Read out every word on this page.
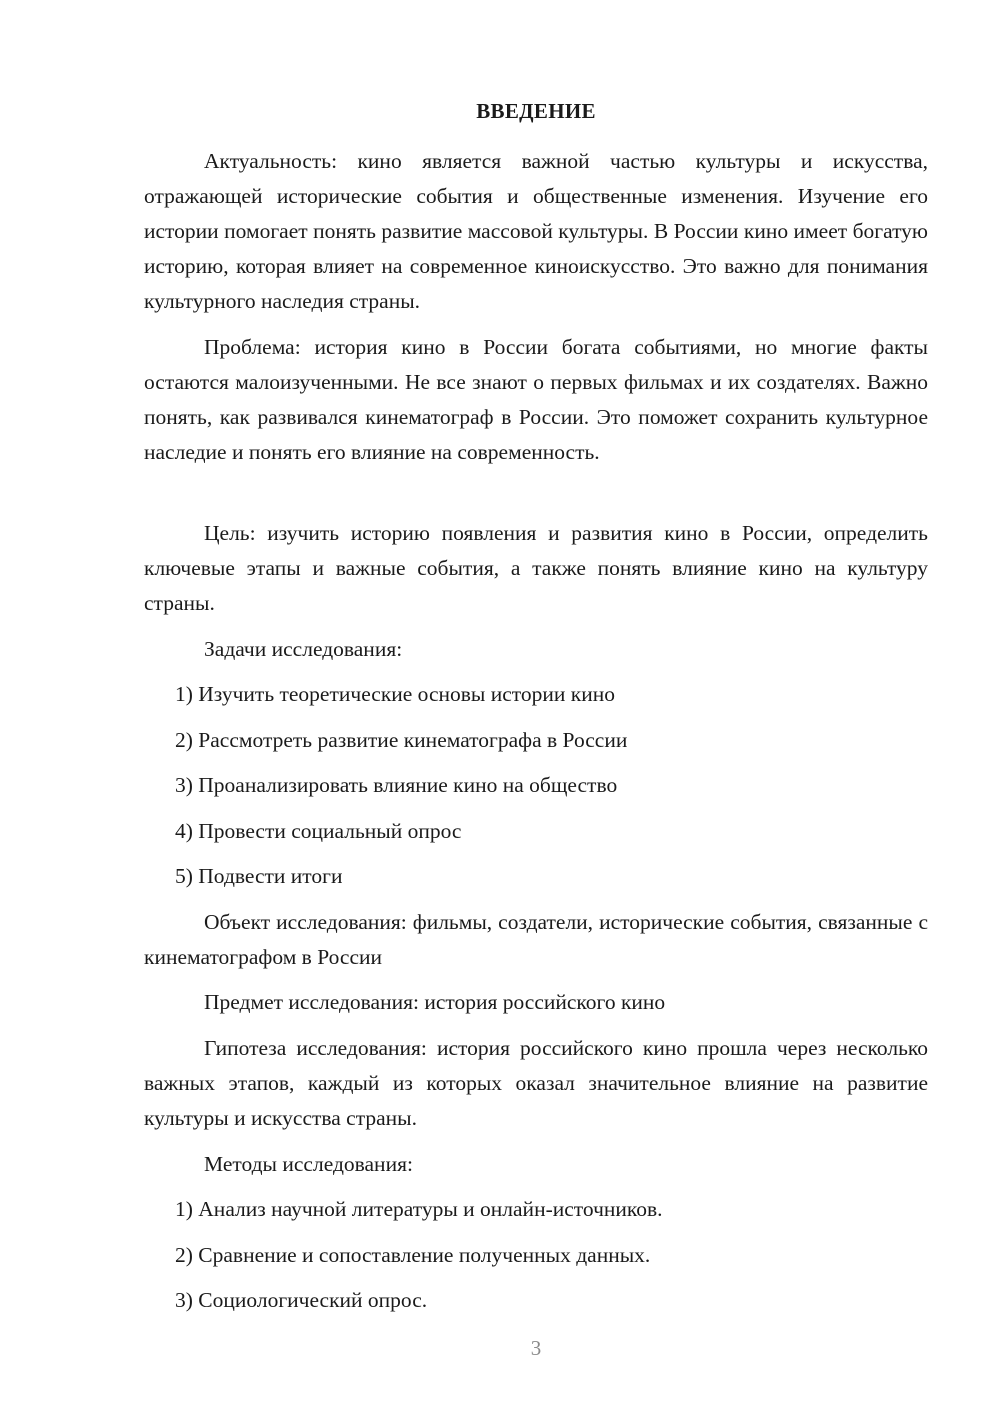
ВВЕДЕНИЕ

Актуальность: кино является важной частью культуры и искусства, отражающей исторические события и общественные изменения. Изучение его истории помогает понять развитие массовой культуры. В России кино имеет богатую историю, которая влияет на современное киноискусство. Это важно для понимания культурного наследия страны.

Проблема: история кино в России богата событиями, но многие факты остаются малоизученными. Не все знают о первых фильмах и их создателях. Важно понять, как развивался кинематограф в России. Это поможет сохранить культурное наследие и понять его влияние на современность.

Цель: изучить историю появления и развития кино в России, определить ключевые этапы и важные события, а также понять влияние кино на культуру страны.

Задачи исследования:
1) Изучить теоретические основы истории кино
2) Рассмотреть развитие кинематографа в России
3) Проанализировать влияние кино на общество
4) Провести социальный опрос
5) Подвести итоги

Объект исследования: фильмы, создатели, исторические события, связанные с кинематографом в России

Предмет исследования: история российского кино

Гипотеза исследования: история российского кино прошла через несколько важных этапов, каждый из которых оказал значительное влияние на развитие культуры и искусства страны.

Методы исследования:
1) Анализ научной литературы и онлайн-источников.
2) Сравнение и сопоставление полученных данных.
3) Социологический опрос.
3
